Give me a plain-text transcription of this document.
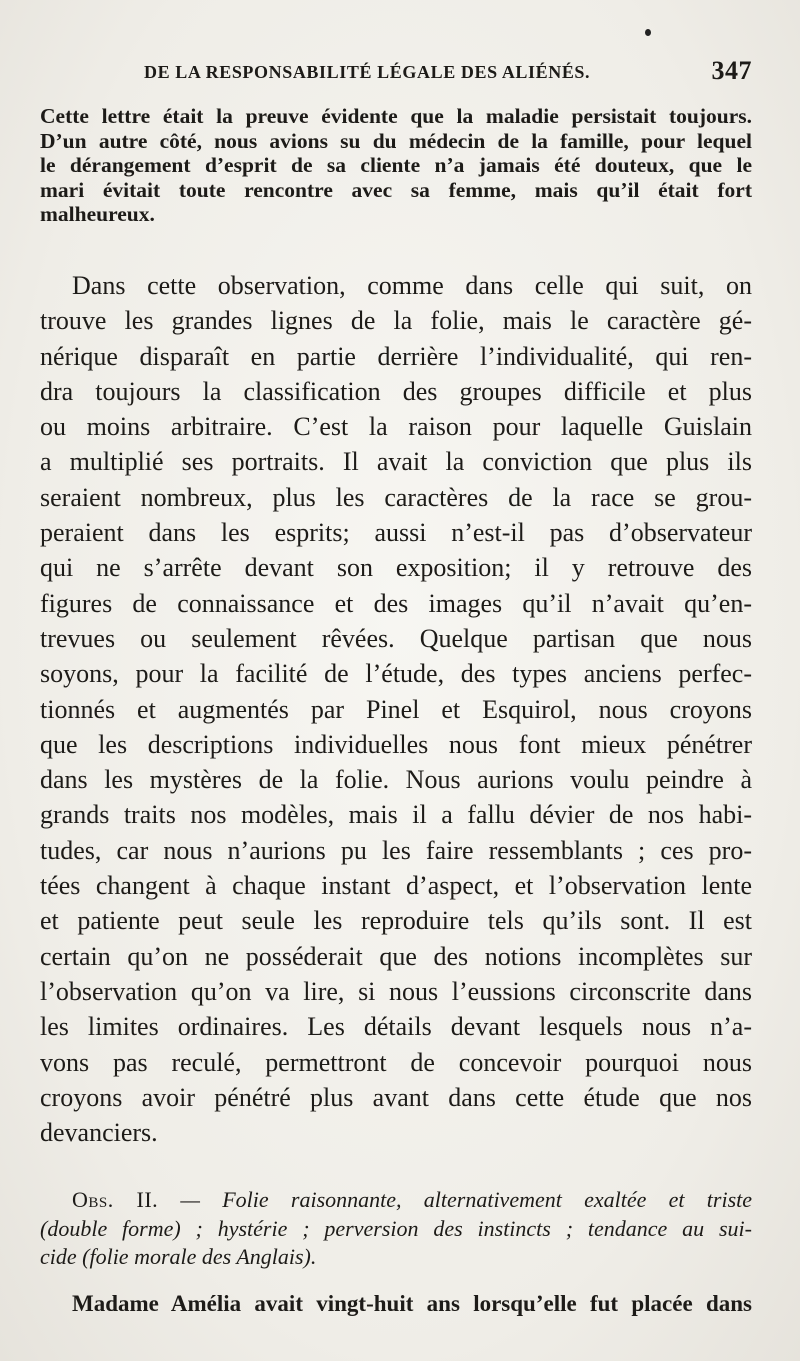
DE LA RESPONSABILITÉ LÉGALE DES ALIÉNÉS.	347
Cette lettre était la preuve évidente que la maladie persistait toujours.
D’un autre côté, nous avions su du médecin de la famille, pour lequel
le dérangement d’esprit de sa cliente n’a jamais été douteux, que le
mari évitait toute rencontre avec sa femme, mais qu’il était fort
malheureux.
Dans cette observation, comme dans celle qui suit, on
trouve les grandes lignes de la folie, mais le caractère gé-
nérique disparaît en partie derrière l’individualité, qui ren-
dra toujours la classification des groupes difficile et plus
ou moins arbitraire. C’est la raison pour laquelle Guislain
a multiplié ses portraits. Il avait la conviction que plus ils
seraient nombreux, plus les caractères de la race se grou-
peraient dans les esprits; aussi n’est-il pas d’observateur
qui ne s’arrête devant son exposition; il y retrouve des
figures de connaissance et des images qu’il n’avait qu’en-
trevues ou seulement rêvées. Quelque partisan que nous
soyons, pour la facilité de l’étude, des types anciens perfec-
tionnés et augmentés par Pinel et Esquirol, nous croyons
que les descriptions individuelles nous font mieux pénétrer
dans les mystères de la folie. Nous aurions voulu peindre à
grands traits nos modèles, mais il a fallu dévier de nos habi-
tudes, car nous n’aurions pu les faire ressemblants ; ces pro-
tées changent à chaque instant d’aspect, et l’observation lente
et patiente peut seule les reproduire tels qu’ils sont. Il est
certain qu’on ne posséderait que des notions incomplètes sur
l’observation qu’on va lire, si nous l’eussions circonscrite dans
les limites ordinaires. Les détails devant lesquels nous n’a-
vons pas reculé, permettront de concevoir pourquoi nous
croyons avoir pénétré plus avant dans cette étude que nos
devanciers.
Obs. II. — Folie raisonnante, alternativement exaltée et triste
(double forme) ; hystérie ; perversion des instincts ; tendance au sui-
cide (folie morale des Anglais).
Madame Amélia avait vingt-huit ans lorsqu’elle fut placée dans
